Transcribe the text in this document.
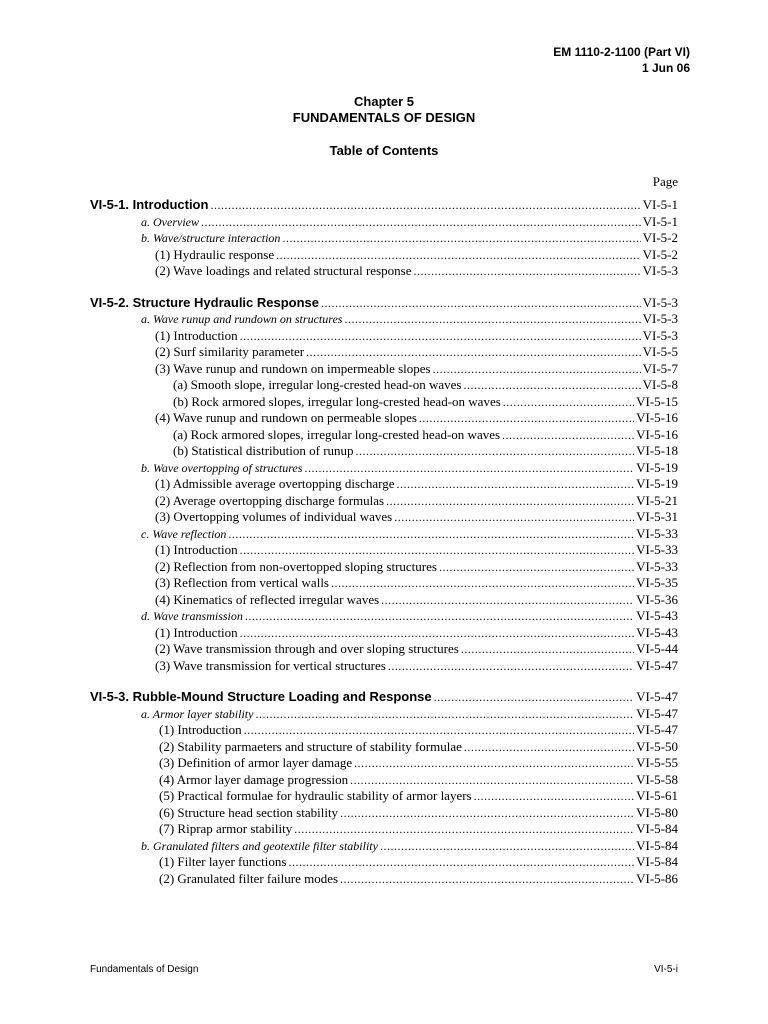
EM 1110-2-1100 (Part VI)
1 Jun 06
Chapter 5
FUNDAMENTALS OF DESIGN
Table of Contents
Page
VI-5-1. Introduction .....	VI-5-1
a. Overview .....	VI-5-1
b. Wave/structure interaction .....	VI-5-2
(1) Hydraulic response .....	VI-5-2
(2) Wave loadings and related structural response .....	VI-5-3
VI-5-2. Structure Hydraulic Response .....	VI-5-3
a. Wave runup and rundown on structures .....	VI-5-3
(1) Introduction .....	VI-5-3
(2) Surf similarity parameter .....	VI-5-5
(3) Wave runup and rundown on impermeable slopes .....	VI-5-7
(a) Smooth slope, irregular long-crested head-on waves .....	VI-5-8
(b) Rock armored slopes, irregular long-crested head-on waves .....	VI-5-15
(4) Wave runup and rundown on permeable slopes .....	VI-5-16
(a) Rock armored slopes, irregular long-crested head-on waves .....	VI-5-16
(b) Statistical distribution of runup .....	VI-5-18
b. Wave overtopping of structures .....	VI-5-19
(1) Admissible average overtopping discharge .....	VI-5-19
(2) Average overtopping discharge formulas .....	VI-5-21
(3) Overtopping volumes of individual waves .....	VI-5-31
c. Wave reflection .....	VI-5-33
(1) Introduction .....	VI-5-33
(2) Reflection from non-overtopped sloping structures .....	VI-5-33
(3) Reflection from vertical walls .....	VI-5-35
(4) Kinematics of reflected irregular waves .....	VI-5-36
d. Wave transmission .....	VI-5-43
(1) Introduction .....	VI-5-43
(2) Wave transmission through and over sloping structures .....	VI-5-44
(3) Wave transmission for vertical structures .....	VI-5-47
VI-5-3. Rubble-Mound Structure Loading and Response .....	VI-5-47
a. Armor layer stability .....	VI-5-47
(1) Introduction .....	VI-5-47
(2) Stability parmaeters and structure of stability formulae .....	VI-5-50
(3) Definition of armor layer damage .....	VI-5-55
(4) Armor layer damage progression .....	VI-5-58
(5) Practical formulae for hydraulic stability of armor layers .....	VI-5-61
(6) Structure head section stability .....	VI-5-80
(7) Riprap armor stability .....	VI-5-84
b. Granulated filters and geotextile filter stability .....	VI-5-84
(1) Filter layer functions .....	VI-5-84
(2) Granulated filter failure modes .....	VI-5-86
Fundamentals of Design	VI-5-i
